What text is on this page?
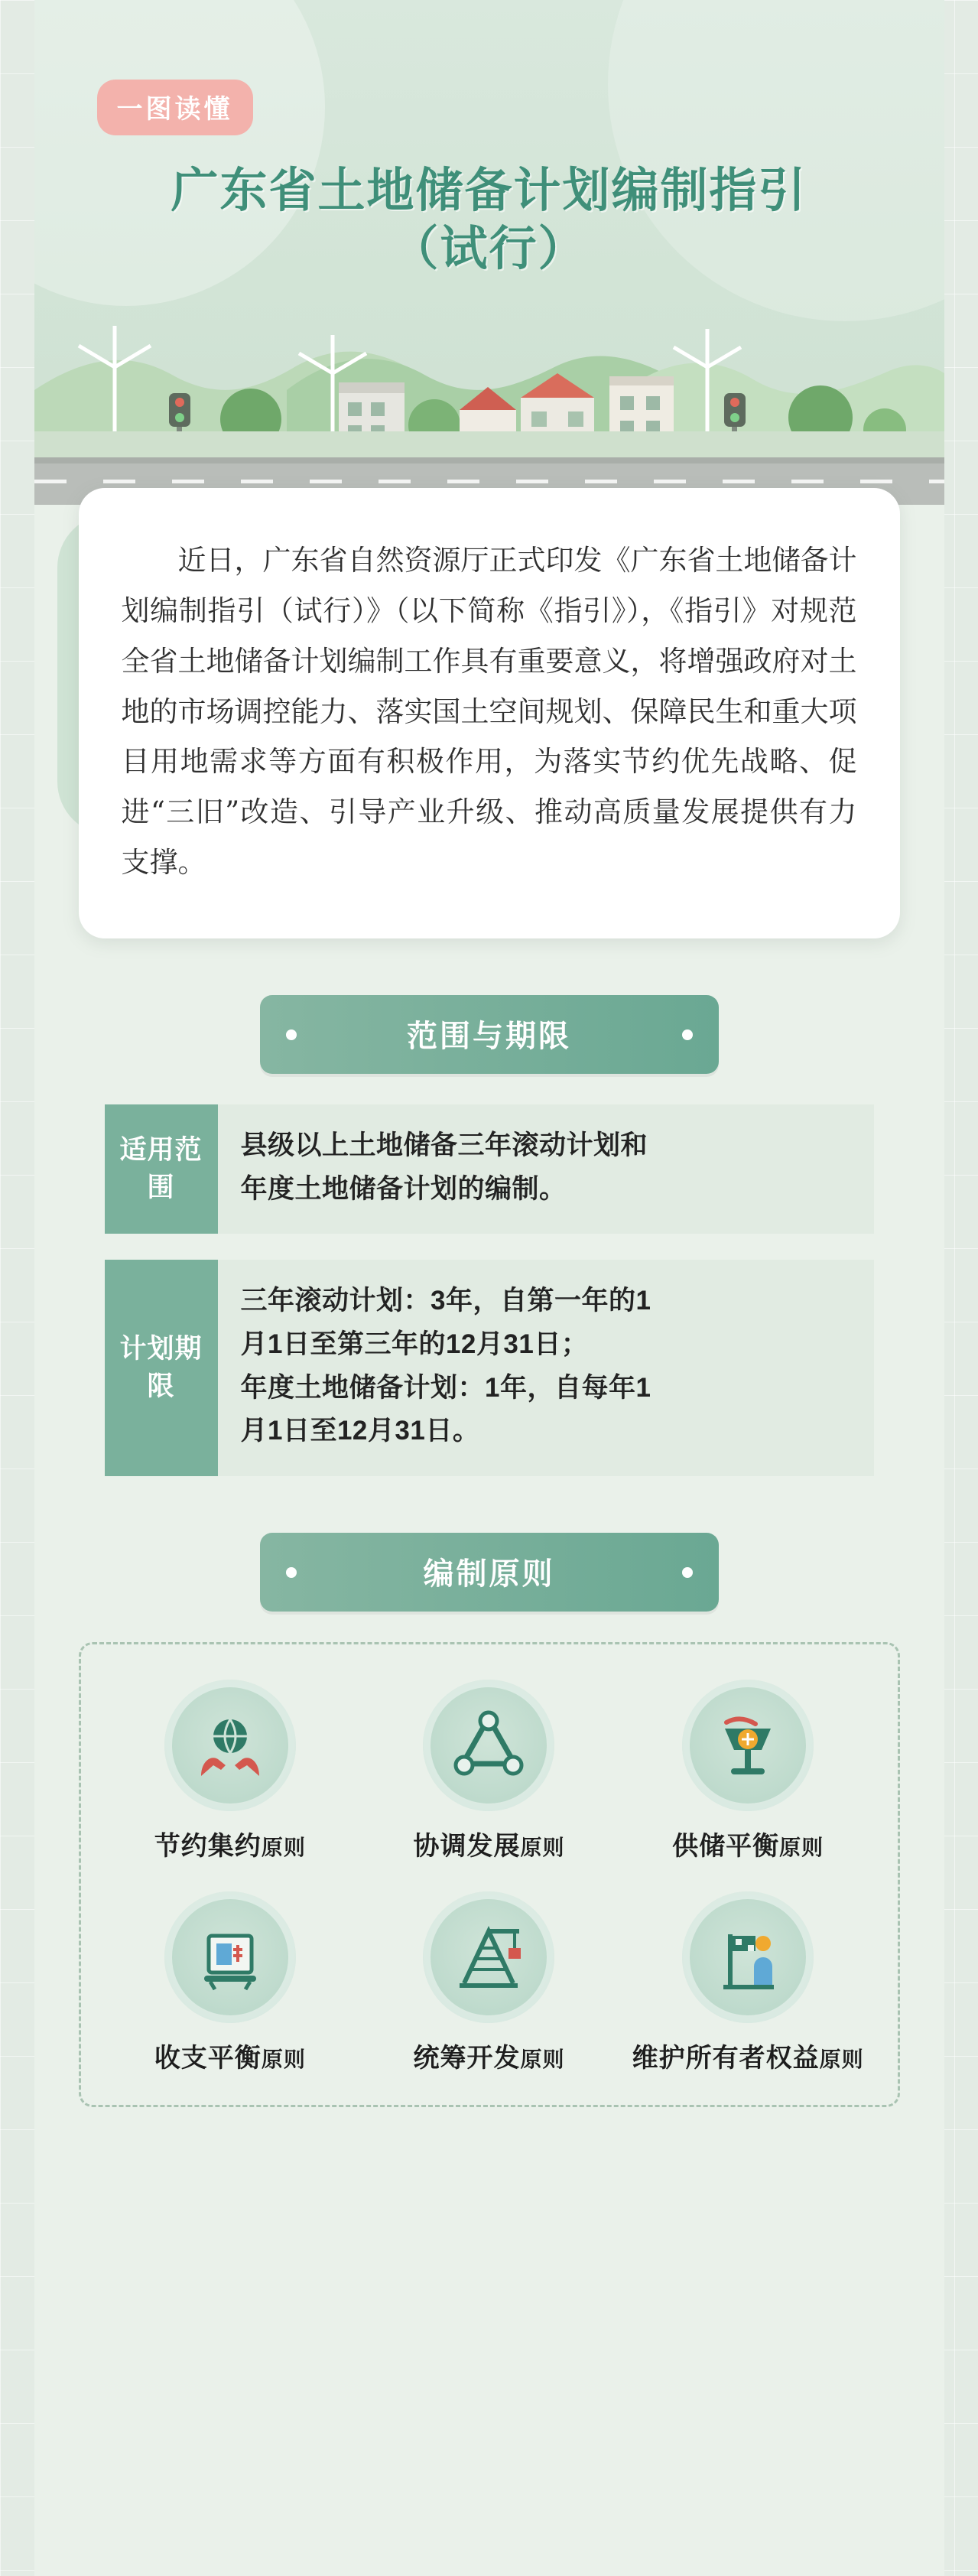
一图读懂
广东省土地储备计划编制指引
（试行）

近日，广东省自然资源厅正式印发《广东省土地储备计划编制指引（试行）》（以下简称《指引》），《指引》对规范全省土地储备计划编制工作具有重要意义，将增强政府对土地的市场调控能力、落实国土空间规划、保障民生和重大项目用地需求等方面有积极作用，为落实节约优先战略、促进“三旧”改造、引导产业升级、推动高质量发展提供有力支撑。

范围与期限
适用范围
县级以上土地储备三年滚动计划和
年度土地储备计划的编制。
计划期限
三年滚动计划：3年，自第一年的1
月1日至第三年的12月31日；
年度土地储备计划：1年，自每年1
月1日至12月31日。
编制原则
节约集约原则	协调发展原则	供储平衡原则
收支平衡原则	统筹开发原则	维护所有者权益原则
